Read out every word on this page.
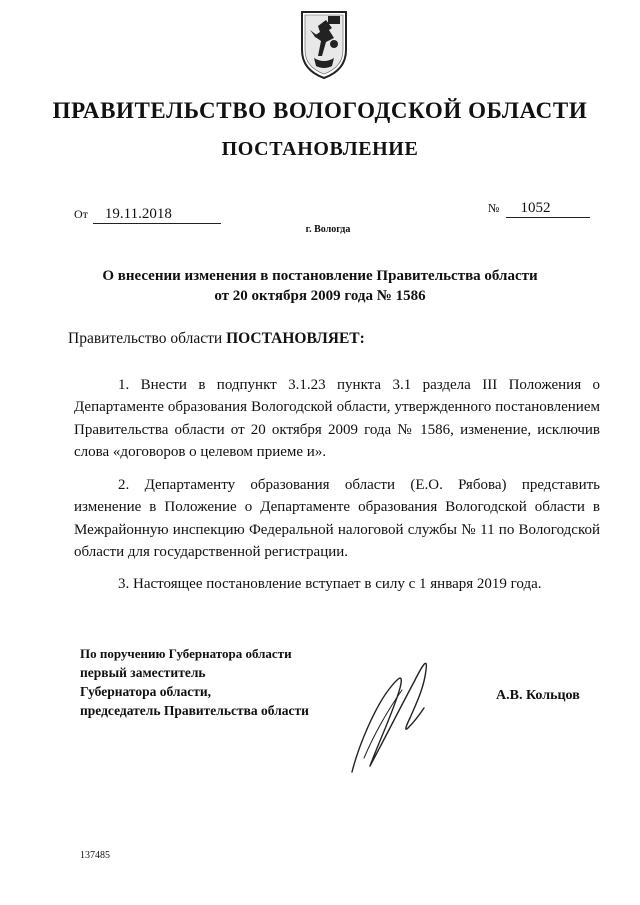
ПРАВИТЕЛЬСТВО ВОЛОГОДСКОЙ ОБЛАСТИ
ПОСТАНОВЛЕНИЕ
От 19.11.2018	№ 1052
г. Вологда
О внесении изменения в постановление Правительства области
от 20 октября 2009 года № 1586
Правительство области ПОСТАНОВЛЯЕТ:

1. Внести в подпункт 3.1.23 пункта 3.1 раздела III Положения о Департаменте образования Вологодской области, утвержденного постановлением Правительства области от 20 октября 2009 года № 1586, изменение, исключив слова «договоров о целевом приеме и».

2. Департаменту образования области (Е.О. Рябова) представить изменение в Положение о Департаменте образования Вологодской области в Межрайонную инспекцию Федеральной налоговой службы № 11 по Вологодской области для государственной регистрации.

3. Настоящее постановление вступает в силу с 1 января 2019 года.

По поручению Губернатора области
первый заместитель
Губернатора области,
председатель Правительства области
А.В. Кольцов
137485
